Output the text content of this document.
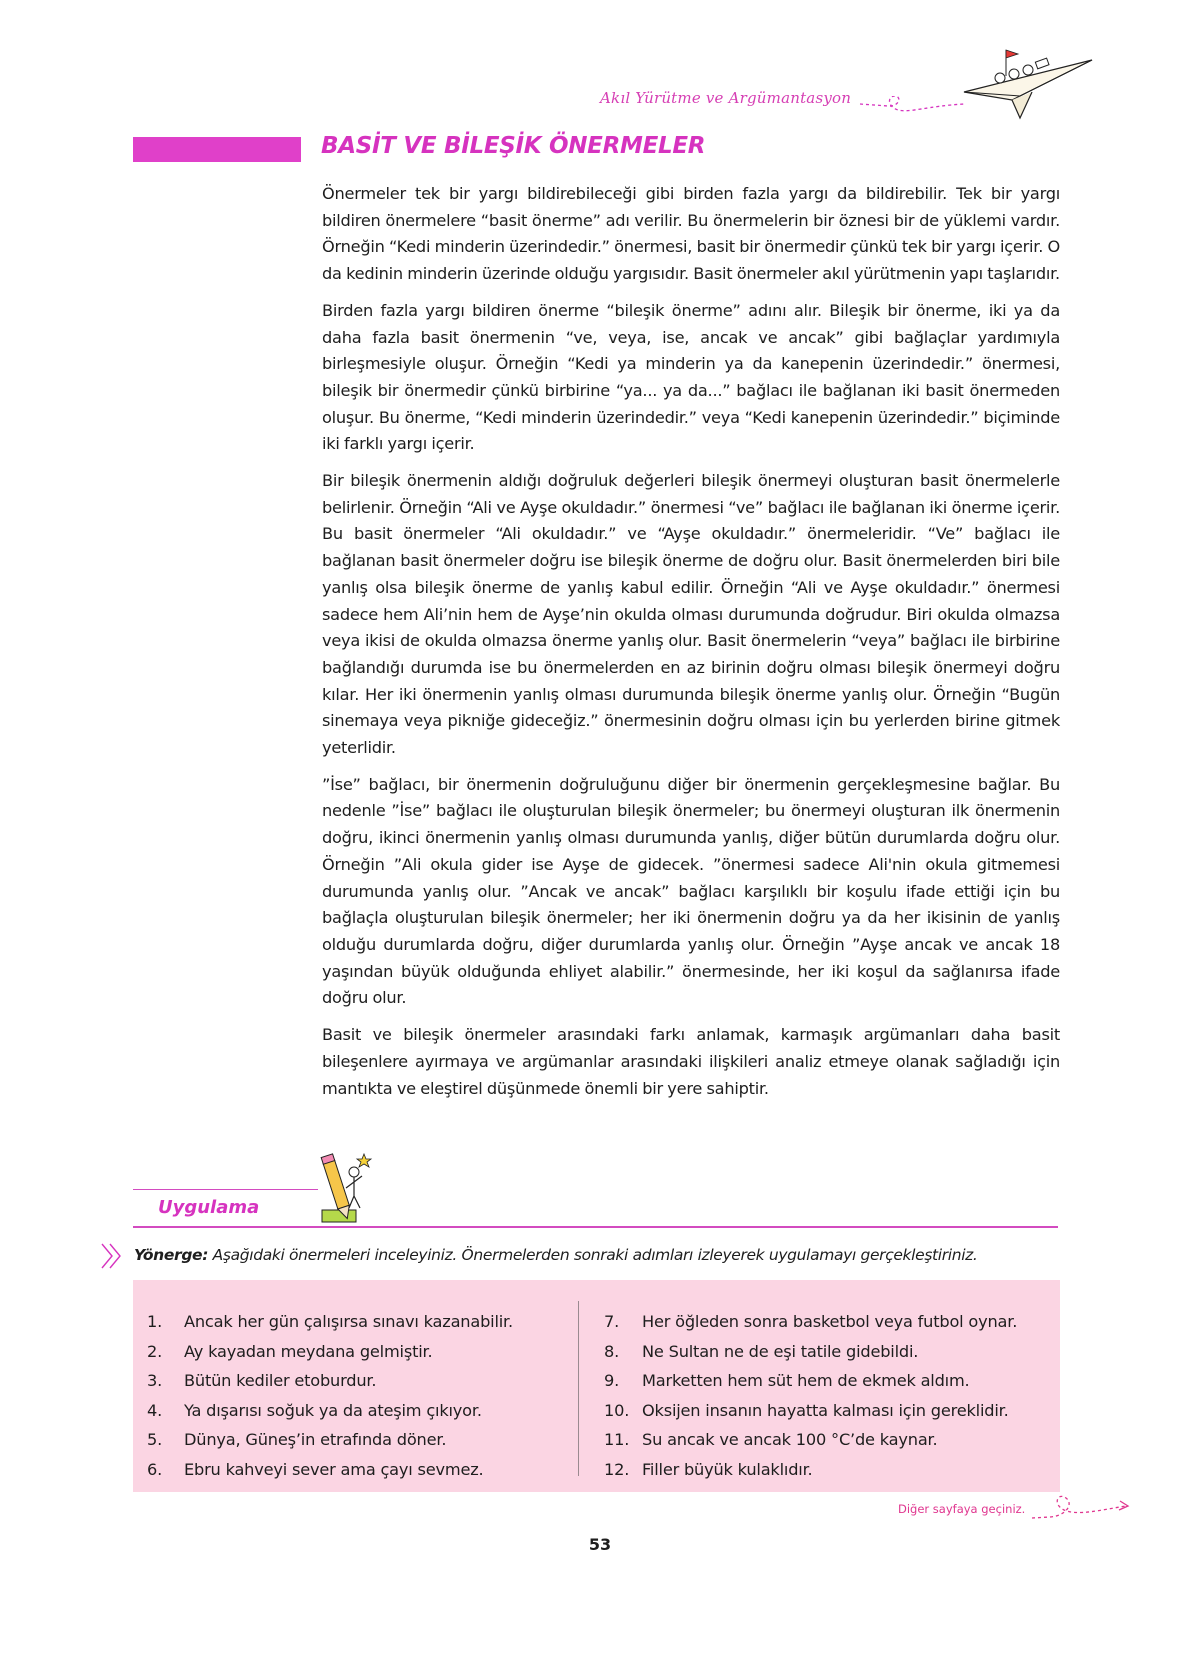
Akıl Yürütme ve Argümantasyon
BASİT VE BİLEŞİK ÖNERMELER

Önermeler tek bir yargı bildirebileceği gibi birden fazla yargı da bildirebilir. Tek bir yargı bildiren önermelere “basit önerme” adı verilir. Bu önermelerin bir öznesi bir de yüklemi vardır. Örneğin “Kedi minderin üzerindedir.” önermesi, basit bir önermedir çünkü tek bir yargı içerir. O da kedinin minderin üzerinde olduğu yargısıdır. Basit önermeler akıl yürütmenin yapı taşlarıdır.

Birden fazla yargı bildiren önerme “bileşik önerme” adını alır. Bileşik bir önerme, iki ya da daha fazla basit önermenin “ve, veya, ise, ancak ve ancak” gibi bağlaçlar yardımıyla birleşmesiyle oluşur. Örneğin “Kedi ya minderin ya da kanepenin üzerindedir.” önermesi, bileşik bir önermedir çünkü birbirine “ya... ya da...” bağlacı ile bağlanan iki basit önermeden oluşur. Bu önerme, “Kedi minderin üzerindedir.” veya “Kedi kanepenin üzerindedir.” biçiminde iki farklı yargı içerir.

Bir bileşik önermenin aldığı doğruluk değerleri bileşik önermeyi oluşturan basit önermelerle belirlenir. Örneğin “Ali ve Ayşe okuldadır.” önermesi “ve” bağlacı ile bağlanan iki önerme içerir. Bu basit önermeler “Ali okuldadır.” ve “Ayşe okuldadır.” önermeleridir. “Ve” bağlacı ile bağlanan basit önermeler doğru ise bileşik önerme de doğru olur. Basit önermelerden biri bile yanlış olsa bileşik önerme de yanlış kabul edilir. Örneğin “Ali ve Ayşe okuldadır.” önermesi sadece hem Ali’nin hem de Ayşe’nin okulda olması durumunda doğrudur. Biri okulda olmazsa veya ikisi de okulda olmazsa önerme yanlış olur. Basit önermelerin “veya” bağlacı ile birbirine bağlandığı durumda ise bu önermelerden en az birinin doğru olması bileşik önermeyi doğru kılar. Her iki önermenin yanlış olması durumunda bileşik önerme yanlış olur. Örneğin “Bugün sinemaya veya pikniğe gideceğiz.” önermesinin doğru olması için bu yerlerden birine gitmek yeterlidir.

”İse” bağlacı, bir önermenin doğruluğunu diğer bir önermenin gerçekleşmesine bağlar. Bu nedenle ”İse” bağlacı ile oluşturulan bileşik önermeler; bu önermeyi oluşturan ilk önermenin doğru, ikinci önermenin yanlış olması durumunda yanlış, diğer bütün durumlarda doğru olur. Örneğin ”Ali okula gider ise Ayşe de gidecek. ”önermesi sadece Ali'nin okula gitmemesi durumunda yanlış olur. ”Ancak ve ancak” bağlacı karşılıklı bir koşulu ifade ettiği için bu bağlaçla oluşturulan bileşik önermeler; her iki önermenin doğru ya da her ikisinin de yanlış olduğu durumlarda doğru, diğer durumlarda yanlış olur. Örneğin ”Ayşe ancak ve ancak 18 yaşından büyük olduğunda ehliyet alabilir.” önermesinde, her iki koşul da sağlanırsa ifade doğru olur.

Basit ve bileşik önermeler arasındaki farkı anlamak, karmaşık argümanları daha basit bileşenlere ayırmaya ve argümanlar arasındaki ilişkileri analiz etmeye olanak sağladığı için mantıkta ve eleştirel düşünmede önemli bir yere sahiptir.

Uygulama
Yönerge: Aşağıdaki önermeleri inceleyiniz. Önermelerden sonraki adımları izleyerek uygulamayı gerçekleştiriniz.
1. Ancak her gün çalışırsa sınavı kazanabilir.
2. Ay kayadan meydana gelmiştir.
3. Bütün kediler etoburdur.
4. Ya dışarısı soğuk ya da ateşim çıkıyor.
5. Dünya, Güneş’in etrafında döner.
6. Ebru kahveyi sever ama çayı sevmez.
7. Her öğleden sonra basketbol veya futbol oynar.
8. Ne Sultan ne de eşi tatile gidebildi.
9. Marketten hem süt hem de ekmek aldım.
10. Oksijen insanın hayatta kalması için gereklidir.
11. Su ancak ve ancak 100 °C’de kaynar.
12. Filler büyük kulaklıdır.
Diğer sayfaya geçiniz.
53
